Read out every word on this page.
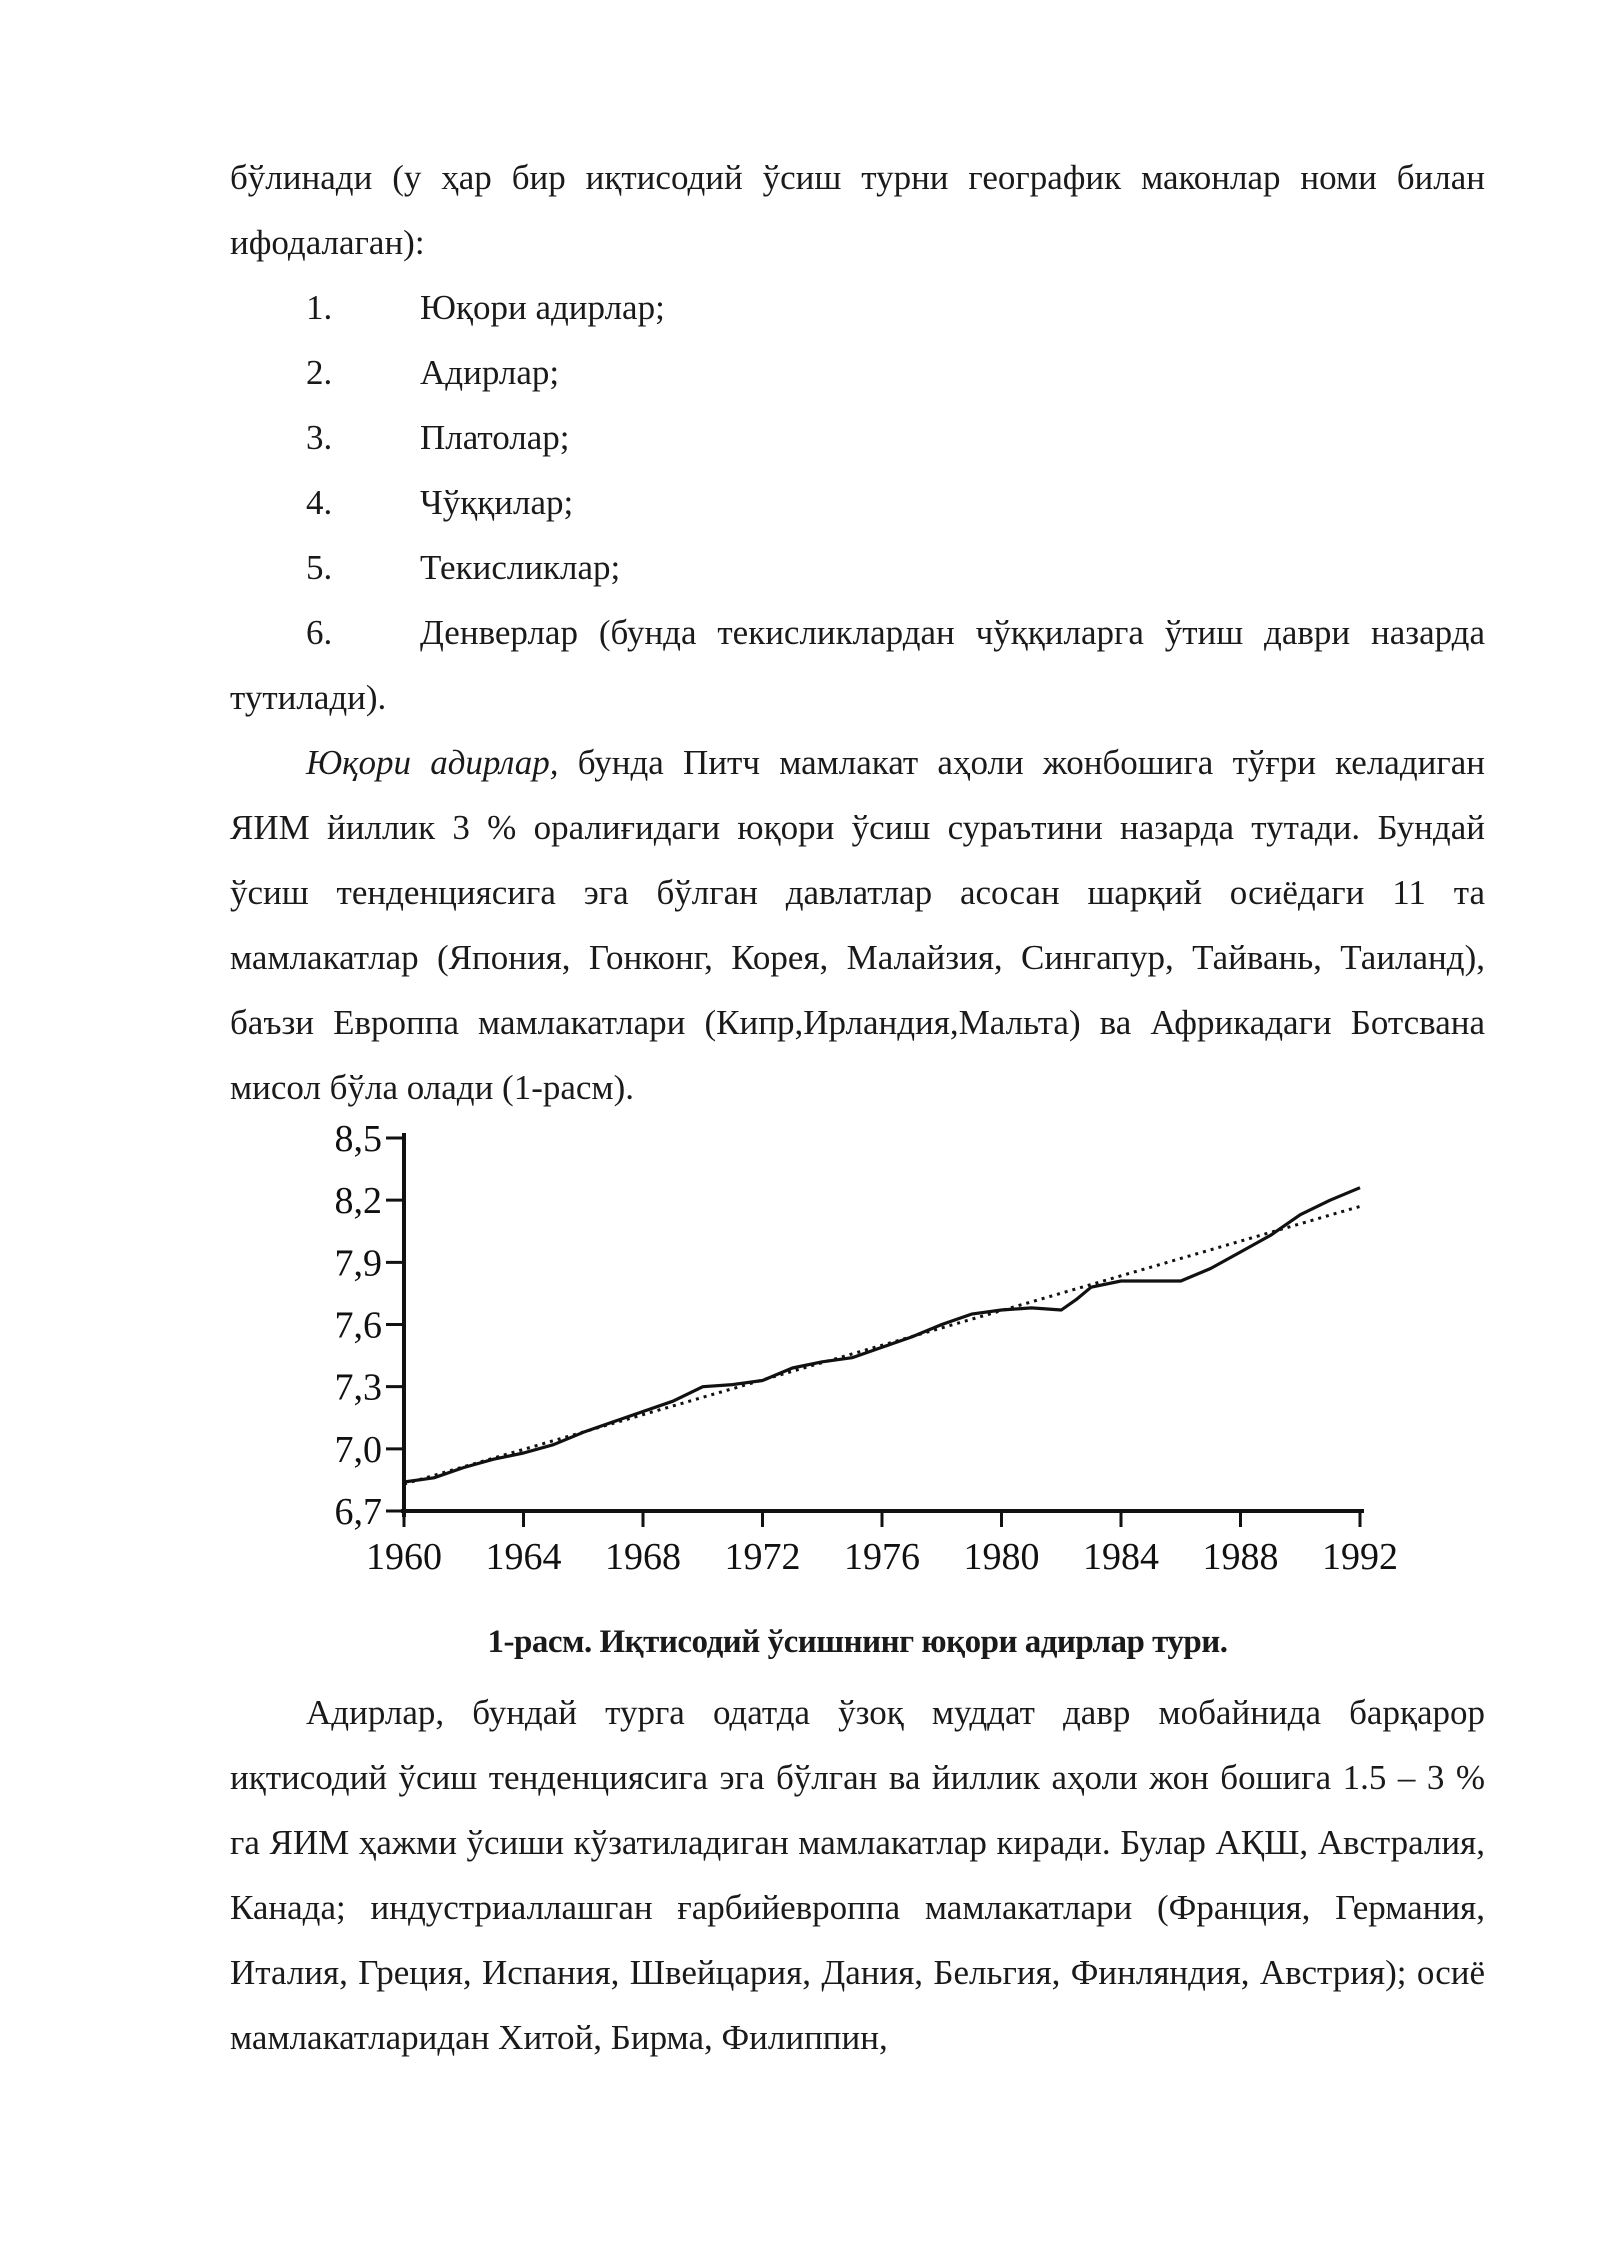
бўлинади (у ҳар бир иқтисодий ўсиш турни географик маконлар номи билан

ифодалаган):

1.	Юқори адирлар;
2.	Адирлар;
3.	Платолар;
4.	Чўққилар;
5.	Текисликлар;
6.	Денверлар (бунда текисликлардан чўққиларга ўтиш даври назарда
тутилади).

Юқори адирлар, бунда Питч мамлакат аҳоли жонбошига тўғри келадиган ЯИМ йиллик 3 % оралиғидаги юқори ўсиш сураътини назарда тутади. Бундай ўсиш тенденциясига эга бўлган давлатлар асосан шарқий осиёдаги 11 та мамлакатлар (Япония, Гонконг, Корея, Малайзия, Сингапур, Тайвань, Таиланд), баъзи Европпа мамлакатлари (Кипр,Ирландия,Мальта) ва Африкадаги Ботсвана мисол бўла олади (1-расм).

6,7
7,0
7,3
7,6
7,9
8,2
8,5
1960 1964 1968 1972 1976 1980 1984 1988 1992
1-расм. Иқтисодий ўсишнинг юқори адирлар тури.

Адирлар, бундай турга одатда ўзоқ муддат давр мобайнида барқарор иқтисодий ўсиш тенденциясига эга бўлган ва йиллик аҳоли жон бошига 1.5 – 3 % га ЯИМ ҳажми ўсиши кўзатиладиган мамлакатлар киради. Булар АҚШ, Австралия, Канада; индустриаллашган ғарбийевроппа мамлакатлари (Франция, Германия, Италия, Греция, Испания, Швейцария, Дания, Бельгия, Финляндия, Австрия); осиё мамлакатларидан Хитой, Бирма, Филиппин,
